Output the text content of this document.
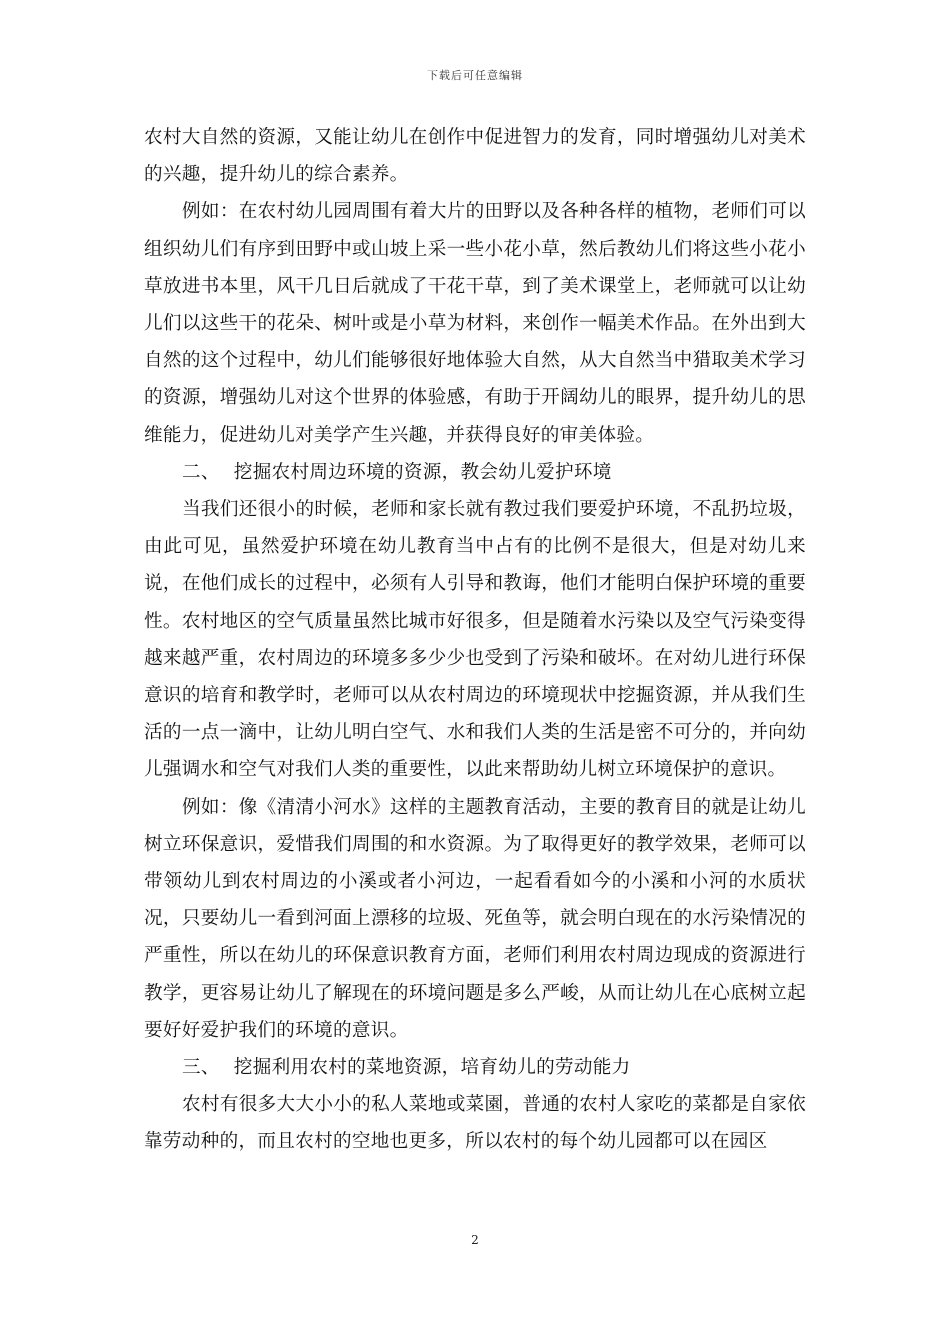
下载后可任意编辑

农村大自然的资源，又能让幼儿在创作中促进智力的发育，同时增强幼儿对美术的兴趣，提升幼儿的综合素养。

例如：在农村幼儿园周围有着大片的田野以及各种各样的植物，老师们可以组织幼儿们有序到田野中或山坡上采一些小花小草，然后教幼儿们将这些小花小草放进书本里，风干几日后就成了干花干草，到了美术课堂上，老师就可以让幼儿们以这些干的花朵、树叶或是小草为材料，来创作一幅美术作品。在外出到大自然的这个过程中，幼儿们能够很好地体验大自然，从大自然当中猎取美术学习的资源，增强幼儿对这个世界的体验感，有助于开阔幼儿的眼界，提升幼儿的思维能力，促进幼儿对美学产生兴趣，并获得良好的审美体验。

二、 挖掘农村周边环境的资源，教会幼儿爱护环境

当我们还很小的时候，老师和家长就有教过我们要爱护环境，不乱扔垃圾，由此可见，虽然爱护环境在幼儿教育当中占有的比例不是很大，但是对幼儿来说，在他们成长的过程中，必须有人引导和教诲，他们才能明白保护环境的重要性。农村地区的空气质量虽然比城市好很多，但是随着水污染以及空气污染变得越来越严重，农村周边的环境多多少少也受到了污染和破坏。在对幼儿进行环保意识的培育和教学时，老师可以从农村周边的环境现状中挖掘资源，并从我们生活的一点一滴中，让幼儿明白空气、水和我们人类的生活是密不可分的，并向幼儿强调水和空气对我们人类的重要性，以此来帮助幼儿树立环境保护的意识。

例如：像《清清小河水》这样的主题教育活动，主要的教育目的就是让幼儿树立环保意识，爱惜我们周围的和水资源。为了取得更好的教学效果，老师可以带领幼儿到农村周边的小溪或者小河边，一起看看如今的小溪和小河的水质状况，只要幼儿一看到河面上漂移的垃圾、死鱼等，就会明白现在的水污染情况的严重性，所以在幼儿的环保意识教育方面，老师们利用农村周边现成的资源进行教学，更容易让幼儿了解现在的环境问题是多么严峻，从而让幼儿在心底树立起要好好爱护我们的环境的意识。

三、 挖掘利用农村的菜地资源，培育幼儿的劳动能力

农村有很多大大小小的私人菜地或菜園，普通的农村人家吃的菜都是自家依靠劳动种的，而且农村的空地也更多，所以农村的每个幼儿园都可以在园区

2
